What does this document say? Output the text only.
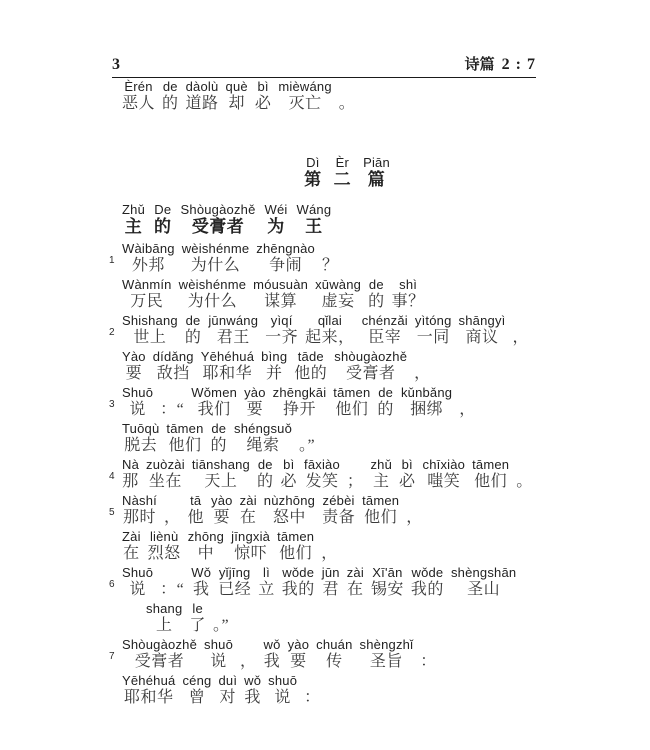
3	诗篇 2 : 7
Èrén
恶人
de
的
dàolù
道路
què
却
bì
必
mièwáng
灭亡 。
Dì
第
Èr
二
Piān
篇
Zhǔ
主
De
的
Shòugàozhě
受膏者
Wéi
为
Wáng
王
1
Wàibāng
外邦
wèishénme
为什么
zhēngnào
争闹 ？
Wànmín
万民
wèishénme
为什么
móusuàn
谋算
xūwàng
虚妄
de
的
shì
事？
2
Shishang
世上
de
的
jūnwáng
君王
yìqí
一齐
qǐlai
起来，
chénzǎi
臣宰
yìtóng
一同
shāngyì
商议 ，
Yào
要
dídǎng
敌挡
Yēhéhuá
耶和华
bìng
并
tāde
他的
shòugàozhě
受膏者 ，
3
Shuō
说 ：“
Wǒmen
我们
yào
要
zhēngkāi
挣开
tāmen
他们
de
的
kǔnbǎng
捆绑 ，
Tuōqù
脱去
tāmen
他们
de
的
shéngsuǒ
绳索 。”
4
Nà
那
zuòzài
坐在
tiānshang
天上
de
的
bì
必
fāxiào
发笑 ；
zhǔ
主
bì
必
chīxiào
嗤笑
tāmen
他们 。
5
Nàshí
那时 ，
tā
他
yào
要
zài
在
nùzhōng
怒中
zébèi
责备
tāmen
他们 ，
Zài
在
liènù
烈怒
zhōng
中
jīngxià
惊吓
tāmen
他们 ，
6
Shuō
说 ：“
Wǒ
我
yǐjīng
已经
lì
立
wǒde
我的
jūn
君
zài
在
Xī'ān
锡安
wǒde
我的
shèngshān
圣山
shang
上
le
了 。”
7
Shòugàozhě
受膏者
shuō
说 ，
wǒ
我
yào
要
chuán
传
shèngzhǐ
圣旨 ：
Yēhéhuá
耶和华
céng
曾
duì
对
wǒ
我
shuō
说 ：
